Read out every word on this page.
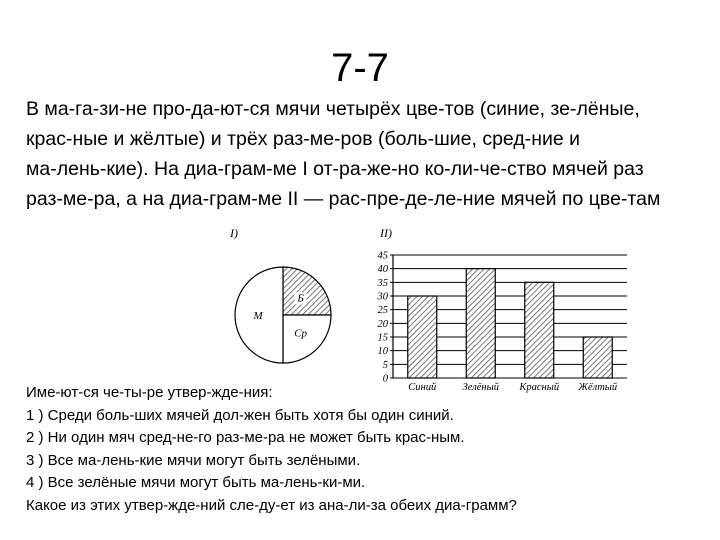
7-7
В ма-га-зи-не про-да-ют-ся мячи четырёх цве-тов (синие, зе-лёные,
крас-ные и жёлтые) и трёх раз-ме-ров (боль-шие, сред-ние и
ма-лень-кие). На диа-грам-ме I от-ра-же-но ко-ли-че-ство мячей раз
раз-ме-ра, а на диа-грам-ме II — рас-пре-де-ле-ние мячей по цве-там
I)
Б
Ср
М
II)
0
5
10
15
20
25
30
35
40
45
Синий	Зелёный Красный Жёлтый
Име-ют-ся че-ты-ре утвер-жде-ния:
1 ) Среди боль-ших мячей дол-жен быть хотя бы один синий.
2 ) Ни один мяч сред-не-го раз-ме-ра не может быть крас-ным.
3 ) Все ма-лень-кие мячи могут быть зелёными.
4 ) Все зелёные мячи могут быть ма-лень-ки-ми.
Какое из этих утвер-жде-ний сле-ду-ет из ана-ли-за обеих диа-грамм?
